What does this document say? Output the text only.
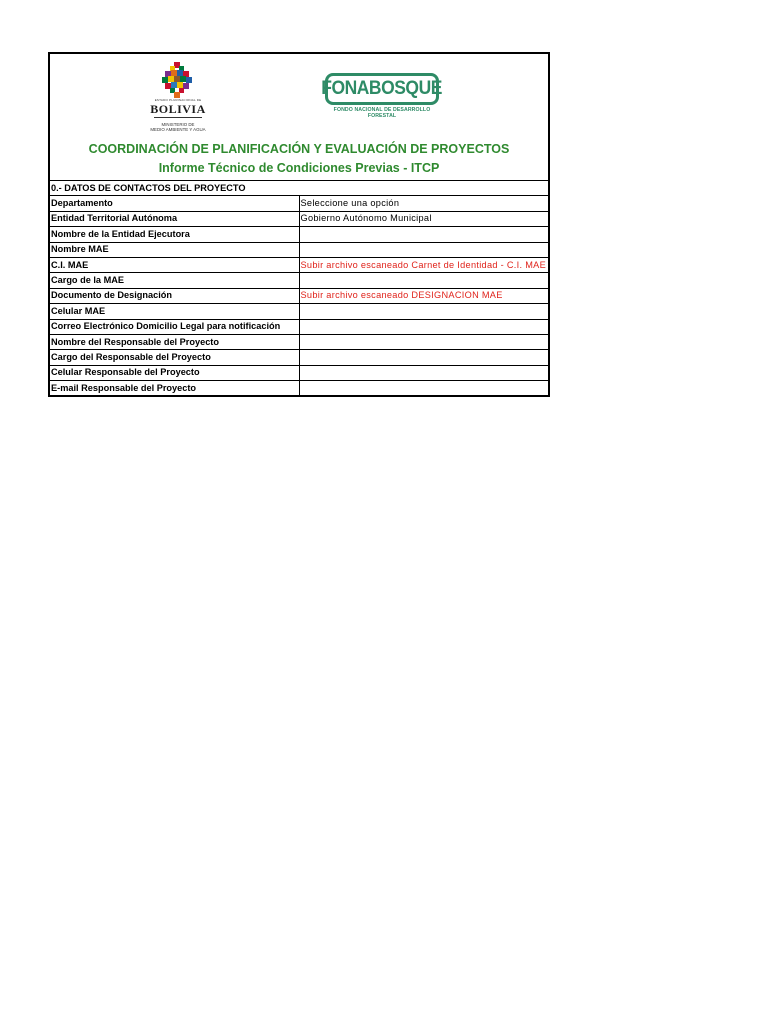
ESTADO PLURINACIONAL DE
BOLIVIA
MINISTERIO DE
MEDIO AMBIENTE Y AGUA
FONABOSQUE
FONDO NACIONAL DE DESARROLLO FORESTAL
COORDINACIÓN DE PLANIFICACIÓN Y EVALUACIÓN DE PROYECTOS
Informe Técnico de Condiciones Previas - ITCP
0.- DATOS DE CONTACTOS DEL PROYECTO	
Departamento	Seleccione una opción
Entidad Territorial Autónoma	Gobierno Autónomo Municipal
Nombre de la Entidad Ejecutora	
Nombre MAE	
C.I. MAE	Subir archivo escaneado Carnet de Identidad - C.I. MAE
Cargo de la MAE	
Documento de Designación	Subir archivo escaneado DESIGNACION MAE
Celular MAE	
Correo Electrónico Domicilio Legal para notificación	
Nombre del Responsable del Proyecto	
Cargo del Responsable del Proyecto	
Celular Responsable del Proyecto	
E-mail Responsable del Proyecto	
